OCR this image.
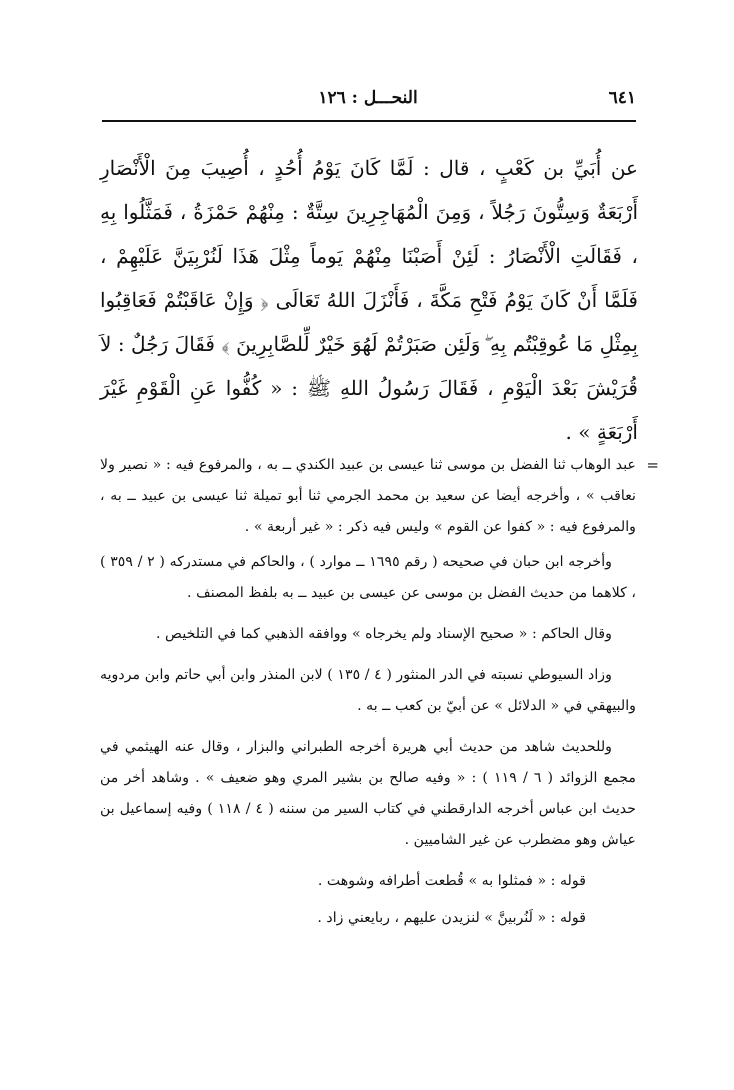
النحـــل : ١٢٦	٦٤١
عن أُبَيِّ بن كَعْبٍ ، قال : لَمَّا كَانَ يَوْمُ أُحُدٍ ، أُصِيبَ مِنَ الْأَنْصَارِ أَرْبَعَةٌ وَسِتُّونَ رَجُلاً ، وَمِنَ الْمُهَاجِرِينَ سِتَّةٌ : مِنْهُمْ حَمْزَةُ ، فَمَثَّلُوا بِهِ ، فَقَالَتِ الْأَنْصَارُ : لَئِنْ أَصَبْنَا مِنْهُمْ يَوماً مِثْلَ هَذَا لَنُرْبِيَنَّ عَلَيْهِمْ ، فَلَمَّا أَنْ كَانَ يَوْمُ فَتْحِ مَكَّةَ ، فَأَنْزَلَ اللهُ تَعَالَى ﴿ وَإِنْ عَاقَبْتُمْ فَعَاقِبُوا بِمِثْلِ مَا عُوقِبْتُم بِهِ ۖ وَلَئِن صَبَرْتُمْ لَهُوَ خَيْرٌ لِّلصَّابِرِينَ ﴾ فَقَالَ رَجُلٌ : لاَ قُرَيْشَ بَعْدَ الْيَوْمِ ، فَقَالَ رَسُولُ اللهِ ﷺ : « كُفُّوا عَنِ الْقَوْمِ غَيْرَ أَرْبَعَةٍ » .
=

عبد الوهاب ثنا الفضل بن موسى ثنا عيسى بن عبيد الكندي ــ به ، والمرفوع فيه : « نصير ولا نعاقب » ، وأخرجه أيضا عن سعيد بن محمد الجرمي ثنا أبو تميلة ثنا عيسى بن عبيد ــ به ، والمرفوع فيه : « كفوا عن القوم » وليس فيه ذكر : « غير أربعة » .

وأخرجه ابن حبان في صحيحه ( رقم ١٦٩٥ ــ موارد ) ، والحاكم في مستدركه ( ٢ / ٣٥٩ ) ، كلاهما من حديث الفضل بن موسى عن عيسى بن عبيد ــ به بلفظ المصنف .

وقال الحاكم : « صحيح الإسناد ولم يخرجاه » ووافقه الذهبي كما في التلخيص .

وزاد السيوطي نسبته في الدر المنثور ( ٤ / ١٣٥ ) لابن المنذر وابن أبي حاتم وابن مردويه والبيهقي في « الدلائل » عن أبيّ بن كعب ــ به .

وللحديث شاهد من حديث أبي هريرة أخرجه الطبراني والبزار ، وقال عنه الهيثمي في مجمع الزوائد ( ٦ / ١١٩ ) : « وفيه صالح بن بشير المري وهو ضعيف » . وشاهد أخر من حديث ابن عباس أخرجه الدارقطني في كتاب السير من سننه ( ٤ / ١١٨ ) وفيه إسماعيل بن عياش وهو مضطرب عن غير الشاميين .

قوله : « فمثلوا به » قُطعت أطرافه وشوهت .

قوله : « لَنُربينَّ » لنزيدن عليهم ، ربايعني زاد .
